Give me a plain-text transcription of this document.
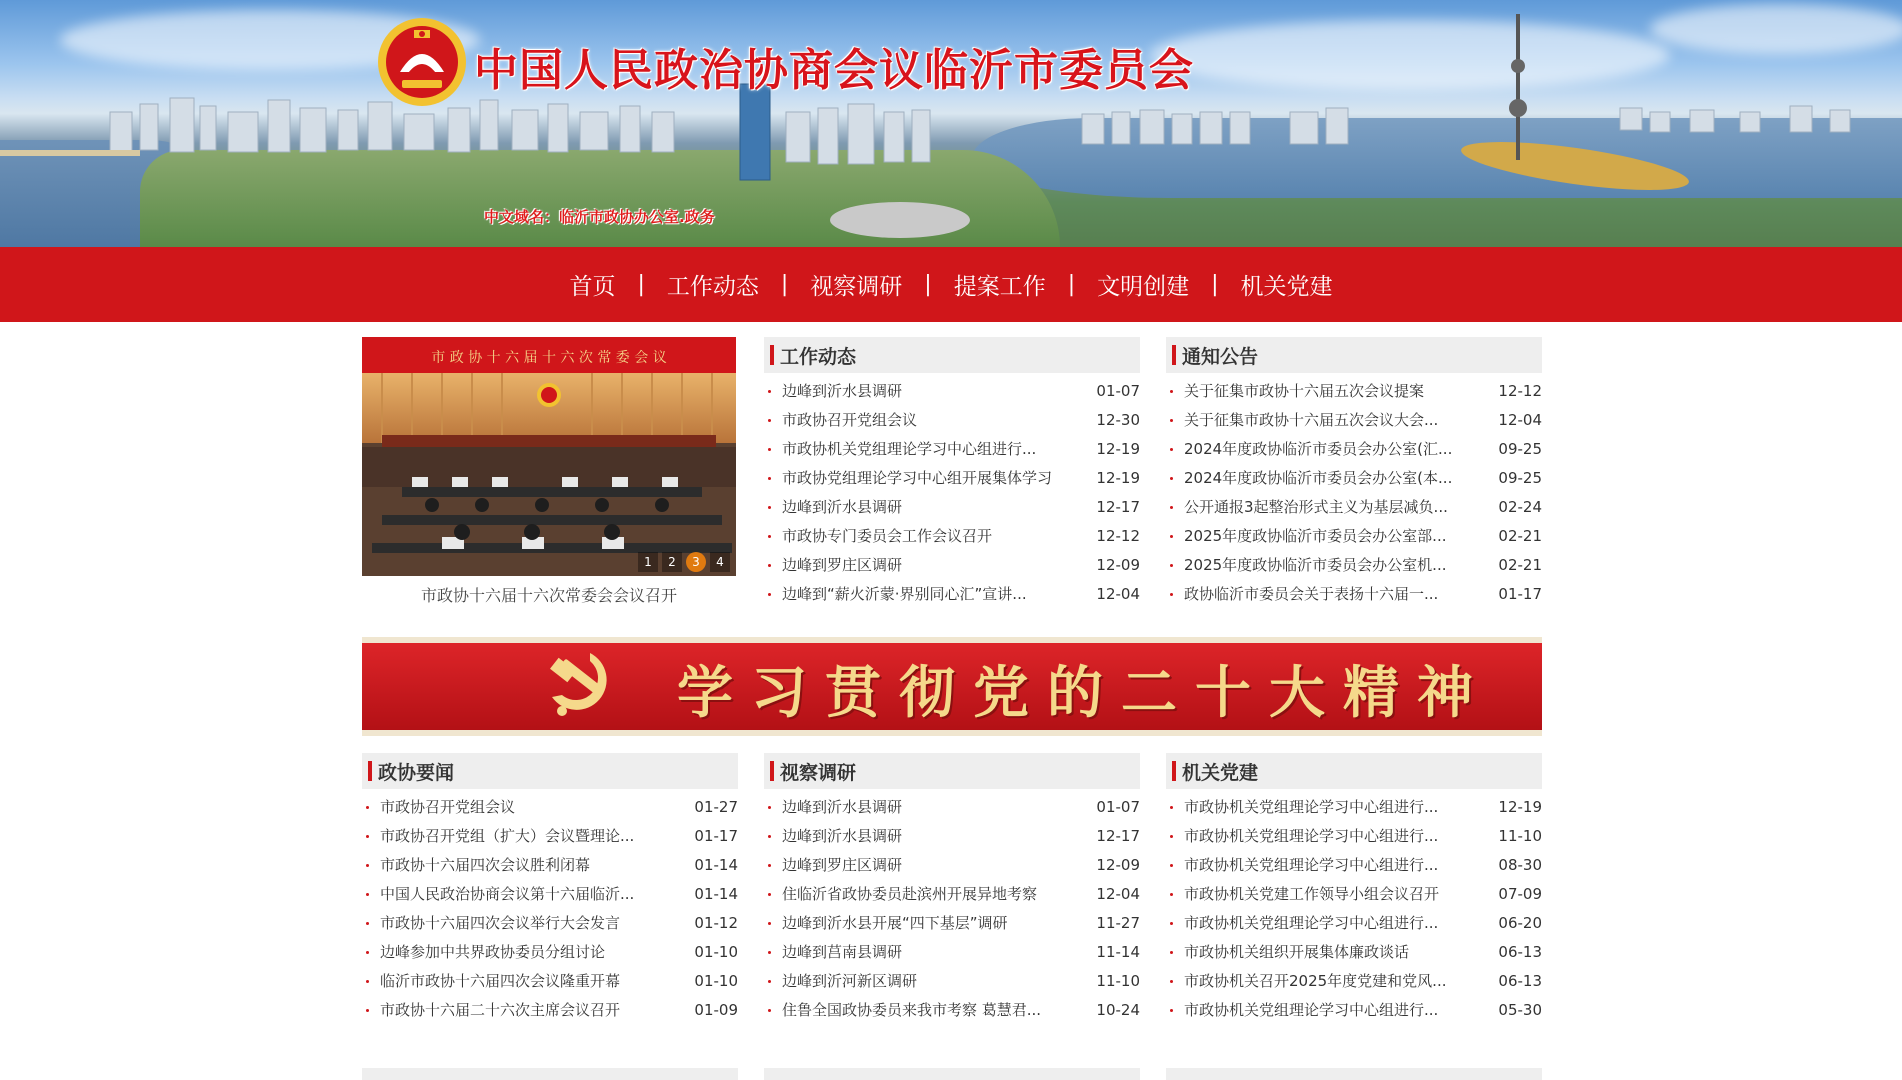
中国人民政治协商会议临沂市委员会
中文域名：临沂市政协办公室.政务
首页	| 工作动态	| 视察调研	| 提案工作	| 文明创建	| 机关党建
市 政 协 十 六 届 十 六 次 常 委 会 议
1	2	3	4
市政协十六届十六次常委会会议召开
工作动态
边峰到沂水县调研	01-07
市政协召开党组会议	12-30
市政协机关党组理论学习中心组进行...	12-19
市政协党组理论学习中心组开展集体学习	12-19
边峰到沂水县调研	12-17
市政协专门委员会工作会议召开	12-12
边峰到罗庄区调研	12-09
边峰到“薪火沂蒙·界别同心汇”宣讲...	12-04
通知公告
关于征集市政协十六届五次会议提案	12-12
关于征集市政协十六届五次会议大会...	12-04
2024年度政协临沂市委员会办公室(汇...	09-25
2024年度政协临沂市委员会办公室(本...	09-25
公开通报3起整治形式主义为基层减负...	02-24
2025年度政协临沂市委员会办公室部...	02-21
2025年度政协临沂市委员会办公室机...	02-21
政协临沂市委员会关于表扬十六届一...	01-17
学习贯彻党的二十大精神
政协要闻
市政协召开党组会议	01-27
市政协召开党组（扩大）会议暨理论...	01-17
市政协十六届四次会议胜利闭幕	01-14
中国人民政治协商会议第十六届临沂...	01-14
市政协十六届四次会议举行大会发言	01-12
边峰参加中共界政协委员分组讨论	01-10
临沂市政协十六届四次会议隆重开幕	01-10
市政协十六届二十六次主席会议召开	01-09
视察调研
边峰到沂水县调研	01-07
边峰到沂水县调研	12-17
边峰到罗庄区调研	12-09
住临沂省政协委员赴滨州开展异地考察	12-04
边峰到沂水县开展“四下基层”调研	11-27
边峰到莒南县调研	11-14
边峰到沂河新区调研	11-10
住鲁全国政协委员来我市考察 葛慧君...	10-24
机关党建
市政协机关党组理论学习中心组进行...	12-19
市政协机关党组理论学习中心组进行...	11-10
市政协机关党组理论学习中心组进行...	08-30
市政协机关党建工作领导小组会议召开	07-09
市政协机关党组理论学习中心组进行...	06-20
市政协机关组织开展集体廉政谈话	06-13
市政协机关召开2025年度党建和党风...	06-13
市政协机关党组理论学习中心组进行...	05-30
